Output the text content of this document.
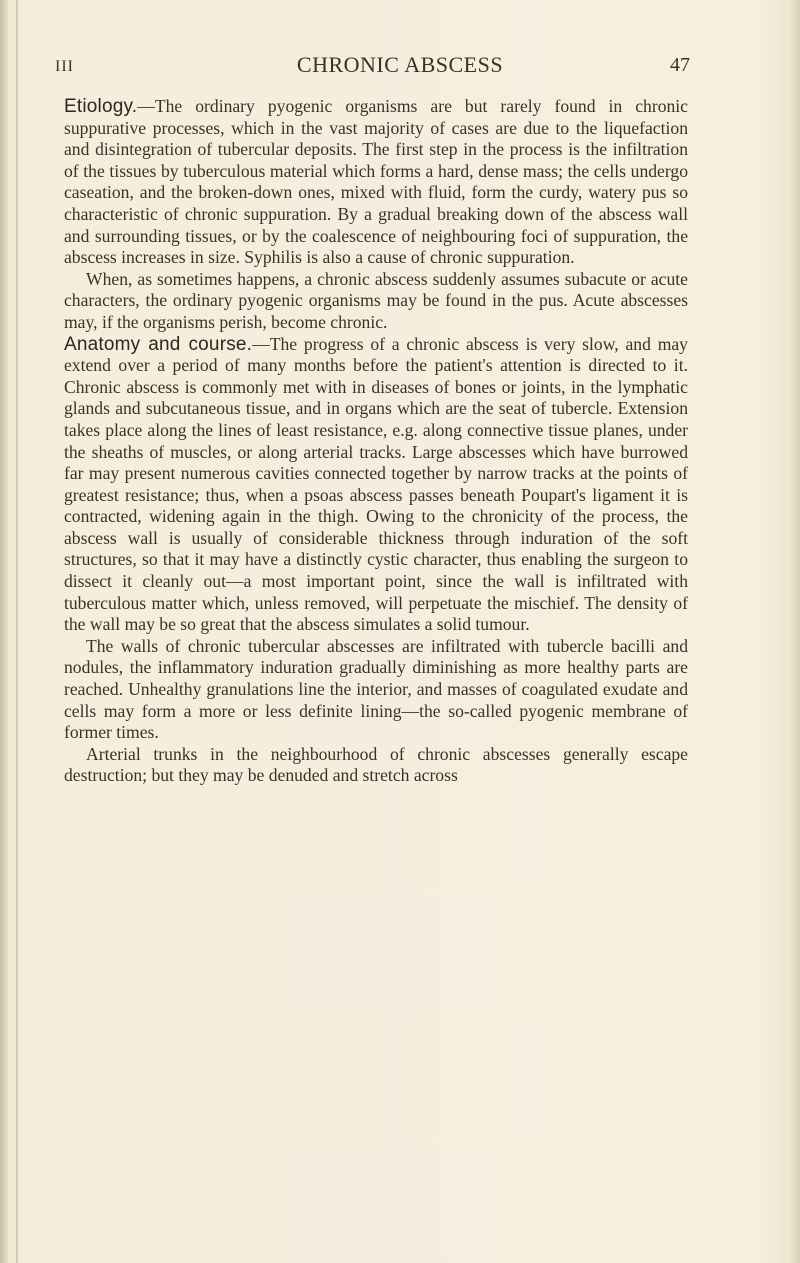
III	CHRONIC ABSCESS	47

Etiology.—The ordinary pyogenic organisms are but rarely found in chronic suppurative processes, which in the vast majority of cases are due to the liquefaction and disintegration of tubercular deposits. The first step in the process is the infiltration of the tissues by tuberculous material which forms a hard, dense mass; the cells undergo caseation, and the broken-down ones, mixed with fluid, form the curdy, watery pus so characteristic of chronic suppuration. By a gradual breaking down of the abscess wall and surrounding tissues, or by the coalescence of neighbouring foci of suppuration, the abscess increases in size. Syphilis is also a cause of chronic suppuration.

When, as sometimes happens, a chronic abscess suddenly assumes subacute or acute characters, the ordinary pyogenic organisms may be found in the pus. Acute abscesses may, if the organisms perish, become chronic.

Anatomy and course.—The progress of a chronic abscess is very slow, and may extend over a period of many months before the patient's attention is directed to it. Chronic abscess is commonly met with in diseases of bones or joints, in the lymphatic glands and subcutaneous tissue, and in organs which are the seat of tubercle. Extension takes place along the lines of least resistance, e.g. along connective tissue planes, under the sheaths of muscles, or along arterial tracks. Large abscesses which have burrowed far may present numerous cavities connected together by narrow tracks at the points of greatest resistance; thus, when a psoas abscess passes beneath Poupart's ligament it is contracted, widening again in the thigh. Owing to the chronicity of the process, the abscess wall is usually of considerable thickness through induration of the soft structures, so that it may have a distinctly cystic character, thus enabling the surgeon to dissect it cleanly out—a most important point, since the wall is infiltrated with tuberculous matter which, unless removed, will perpetuate the mischief. The density of the wall may be so great that the abscess simulates a solid tumour.

The walls of chronic tubercular abscesses are infiltrated with tubercle bacilli and nodules, the inflammatory induration gradually diminishing as more healthy parts are reached. Unhealthy granulations line the interior, and masses of coagulated exudate and cells may form a more or less definite lining—the so-called pyogenic membrane of former times.

Arterial trunks in the neighbourhood of chronic abscesses generally escape destruction; but they may be denuded and stretch across
